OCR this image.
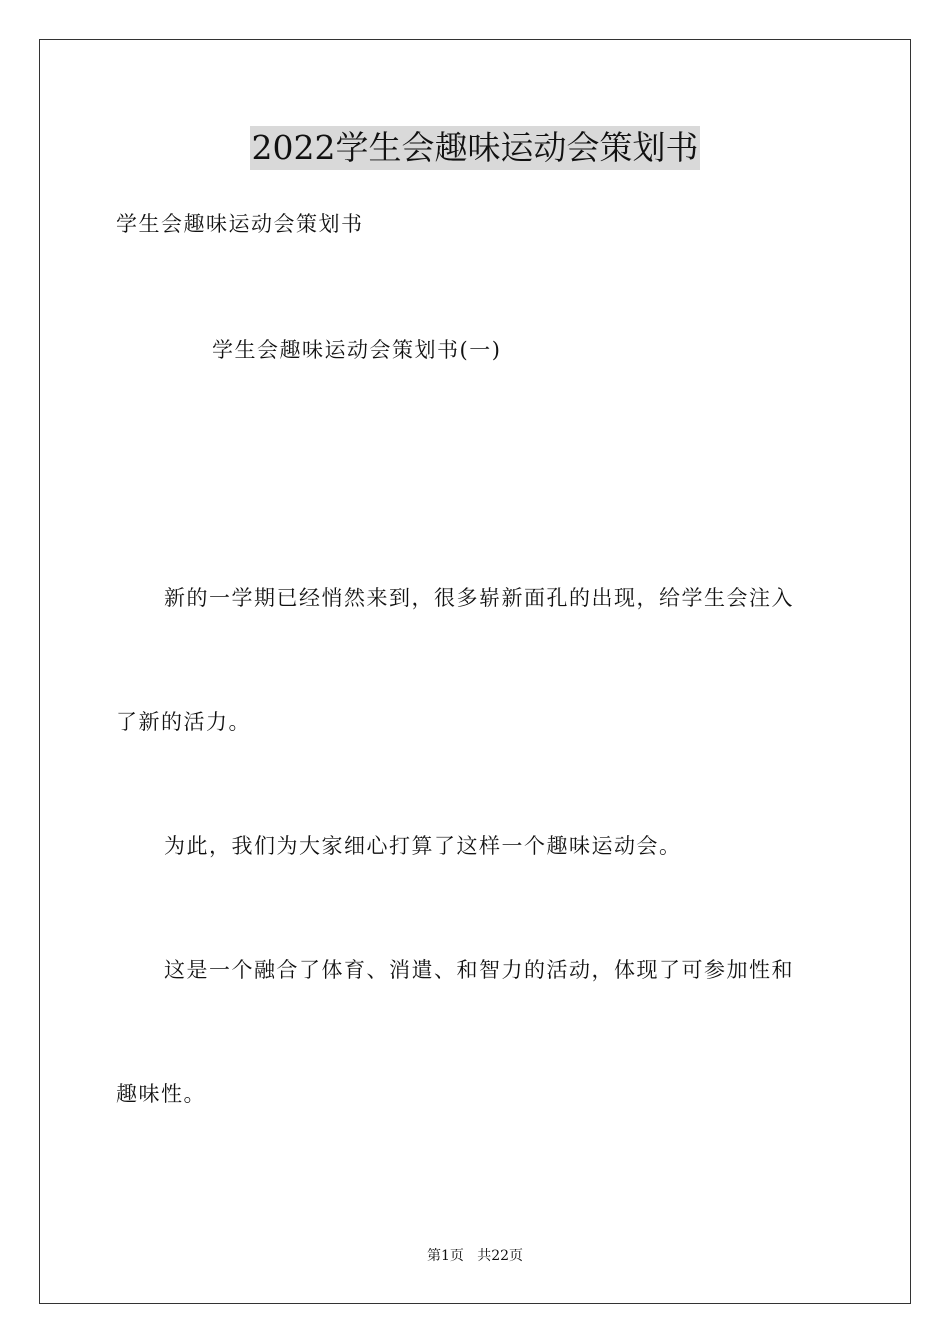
2022学生会趣味运动会策划书
学生会趣味运动会策划书
学生会趣味运动会策划书(一)
新的一学期已经悄然来到，很多崭新面孔的出现，给学生会注入
了新的活力。
为此，我们为大家细心打算了这样一个趣味运动会。
这是一个融合了体育、消遣、和智力的活动，体现了可参加性和
趣味性。
第1页   共22页
